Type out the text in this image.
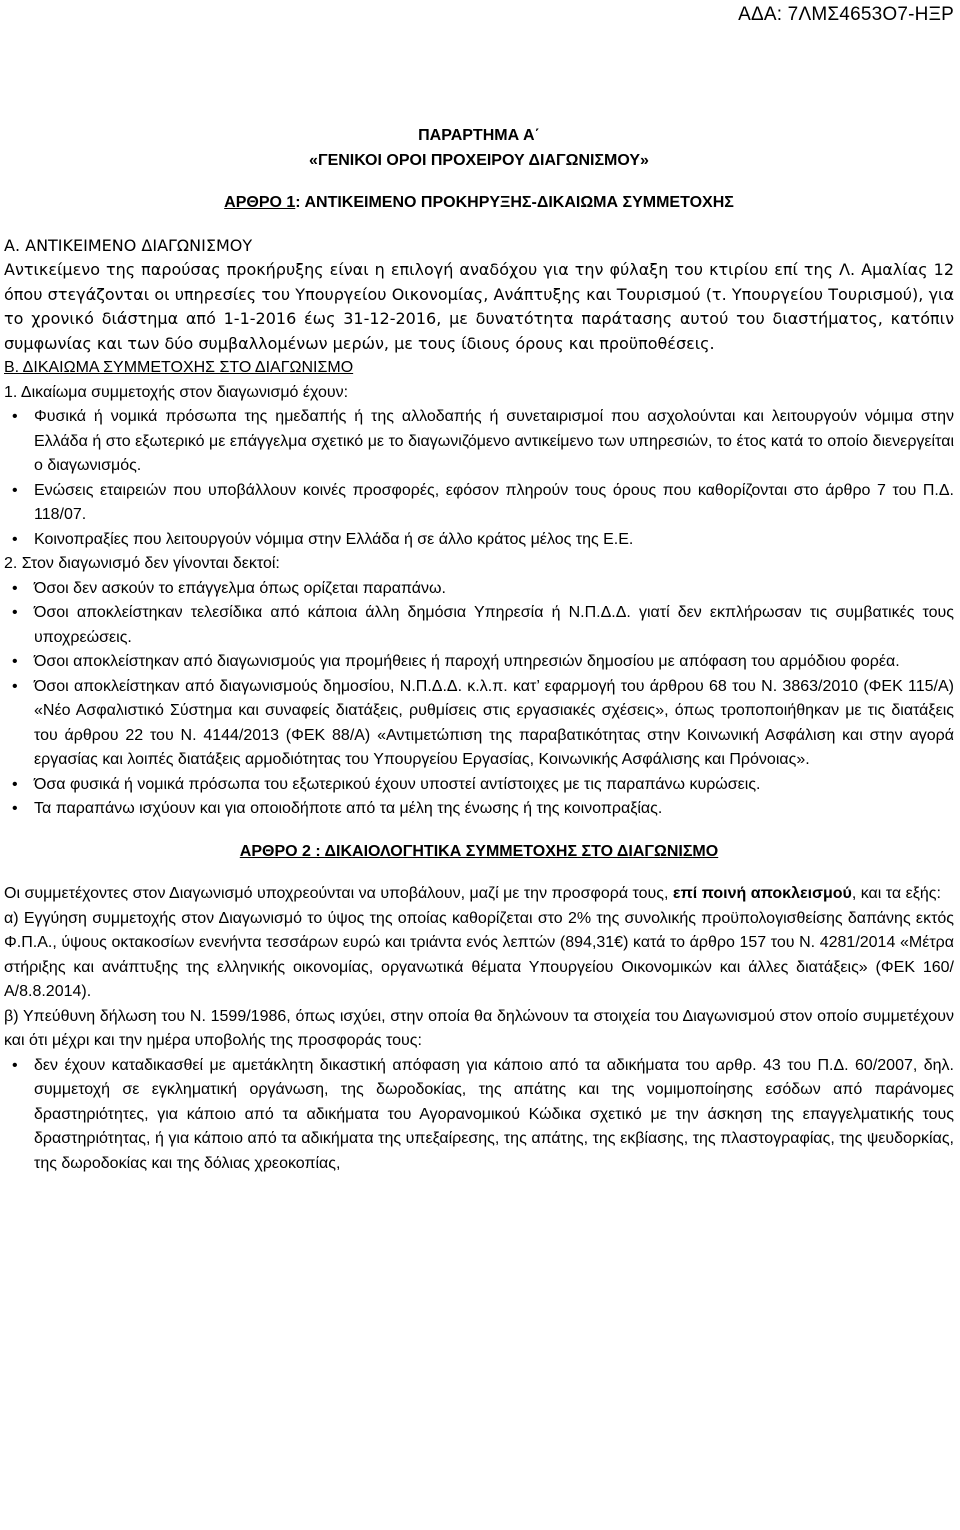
ΑΔΑ: 7ΛΜΣ4653Ο7-ΗΞΡ
ΠΑΡΑΡΤΗΜΑ Α΄
«ΓΕΝΙΚΟΙ ΟΡΟΙ ΠΡΟΧΕΙΡΟΥ ΔΙΑΓΩΝΙΣΜΟΥ»
ΑΡΘΡΟ 1: ΑΝΤΙΚΕΙΜΕΝΟ ΠΡΟΚΗΡΥΞΗΣ-ΔΙΚΑΙΩΜΑ ΣΥΜΜΕΤΟΧΗΣ

Α. ΑΝΤΙΚΕΙΜΕΝΟ ΔΙΑΓΩΝΙΣΜΟΥ

Αντικείμενο της παρούσας προκήρυξης είναι η επιλογή αναδόχου για την φύλαξη του κτιρίου επί της Λ. Αμαλίας 12 όπου στεγάζονται οι υπηρεσίες του Υπουργείου Οικονομίας, Ανάπτυξης και Τουρισμού (τ. Υπουργείου Τουρισμού), για το χρονικό διάστημα από 1-1-2016 έως 31-12-2016, με δυνατότητα παράτασης αυτού του διαστήματος, κατόπιν συμφωνίας και των δύο συμβαλλομένων μερών, με τους ίδιους όρους και προϋποθέσεις.

Β. ΔΙΚΑΙΩΜΑ ΣΥΜΜΕΤΟΧΗΣ ΣΤΟ ΔΙΑΓΩΝΙΣΜΟ

1. Δικαίωμα συμμετοχής στον διαγωνισμό έχουν:

• Φυσικά ή νομικά πρόσωπα της ημεδαπής ή της αλλοδαπής ή συνεταιρισμοί που ασχολούνται και λειτουργούν νόμιμα στην Ελλάδα ή στο εξωτερικό με επάγγελμα σχετικό με το διαγωνιζόμενο αντικείμενο των υπηρεσιών, το έτος κατά το οποίο διενεργείται ο διαγωνισμός.
• Ενώσεις εταιρειών που υποβάλλουν κοινές προσφορές, εφόσον πληρούν τους όρους που καθορίζονται στο άρθρο 7 του Π.Δ. 118/07.
• Κοινοπραξίες που λειτουργούν νόμιμα στην Ελλάδα ή σε άλλο κράτος μέλος της Ε.Ε.

2. Στον διαγωνισμό δεν γίνονται δεκτοί:

• Όσοι δεν ασκούν το επάγγελμα όπως ορίζεται παραπάνω.
• Όσοι αποκλείστηκαν τελεσίδικα από κάποια άλλη δημόσια Υπηρεσία ή Ν.Π.Δ.Δ. γιατί δεν εκπλήρωσαν τις συμβατικές τους υποχρεώσεις.
• Όσοι αποκλείστηκαν από διαγωνισμούς για προμήθειες ή παροχή υπηρεσιών δημοσίου με απόφαση του αρμόδιου φορέα.
• Όσοι αποκλείστηκαν από διαγωνισμούς δημοσίου, Ν.Π.Δ.Δ. κ.λ.π. κατ’ εφαρμογή του άρθρου 68 του Ν. 3863/2010 (ΦΕΚ 115/Α) «Νέο Ασφαλιστικό Σύστημα και συναφείς διατάξεις, ρυθμίσεις στις εργασιακές σχέσεις», όπως τροποποιήθηκαν με τις διατάξεις του άρθρου 22 του Ν. 4144/2013 (ΦΕΚ 88/Α) «Αντιμετώπιση της παραβατικότητας στην Κοινωνική Ασφάλιση και στην αγορά εργασίας και λοιπές διατάξεις αρμοδιότητας του Υπουργείου Εργασίας, Κοινωνικής Ασφάλισης και Πρόνοιας».
• Όσα φυσικά ή νομικά πρόσωπα του εξωτερικού έχουν υποστεί αντίστοιχες με τις παραπάνω κυρώσεις.
• Τα παραπάνω ισχύουν και για οποιοδήποτε από τα μέλη της ένωσης ή της κοινοπραξίας.
ΑΡΘΡΟ 2 : ΔΙΚΑΙΟΛΟΓΗΤΙΚΑ ΣΥΜΜΕΤΟΧΗΣ ΣΤΟ ΔΙΑΓΩΝΙΣΜΟ

Οι συμμετέχοντες στον Διαγωνισμό υποχρεούνται να υποβάλουν, μαζί με την προσφορά τους, επί ποινή αποκλεισμού, και τα εξής:

α) Εγγύηση συμμετοχής στον Διαγωνισμό το ύψος της οποίας καθορίζεται στο 2% της συνολικής προϋπολογισθείσης δαπάνης εκτός Φ.Π.Α., ύψους οκτακοσίων ενενήντα τεσσάρων ευρώ και τριάντα ενός λεπτών (894,31€) κατά το άρθρο 157 του Ν. 4281/2014 «Μέτρα στήριξης και ανάπτυξης της ελληνικής οικονομίας, οργανωτικά θέματα Υπουργείου Οικονομικών και άλλες διατάξεις» (ΦΕΚ 160/Α/8.8.2014).

β) Υπεύθυνη δήλωση του Ν. 1599/1986, όπως ισχύει, στην οποία θα δηλώνουν τα στοιχεία του Διαγωνισμού στον οποίο συμμετέχουν και ότι μέχρι και την ημέρα υποβολής της προσφοράς τους:

• δεν έχουν καταδικασθεί με αμετάκλητη δικαστική απόφαση για κάποιο από τα αδικήματα του αρθρ. 43 του Π.Δ. 60/2007, δηλ. συμμετοχή σε εγκληματική οργάνωση, της δωροδοκίας, της απάτης και της νομιμοποίησης εσόδων από παράνομες δραστηριότητες, για κάποιο από τα αδικήματα του Αγορανομικού Κώδικα σχετικό με την άσκηση της επαγγελματικής τους δραστηριότητας, ή για κάποιο από τα αδικήματα της υπεξαίρεσης, της απάτης, της εκβίασης, της πλαστογραφίας, της ψευδορκίας, της δωροδοκίας και της δόλιας χρεοκοπίας,
